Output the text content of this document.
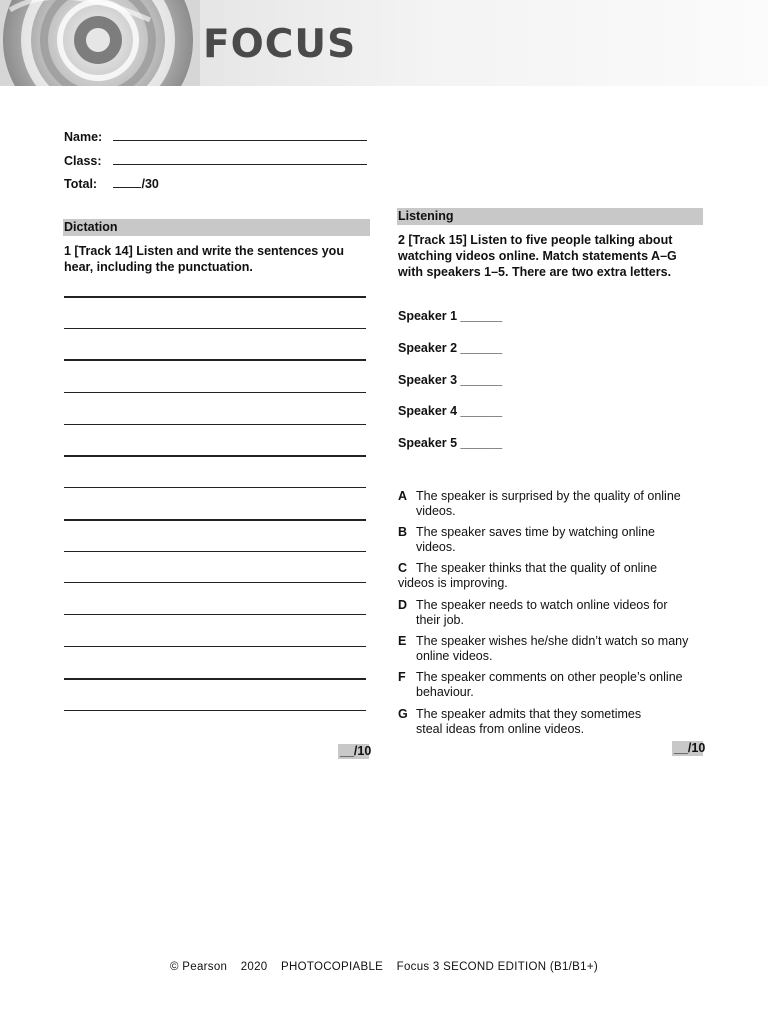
FOCUS
Name:
Class:
Total:	/30
Dictation
1 [Track 14] Listen and write the sentences you hear, including the punctuation.
__/10
Listening
2 [Track 15] Listen to five people talking about watching videos online. Match statements A–G with speakers 1–5. There are two extra letters.
Speaker 1 ______
Speaker 2 ______
Speaker 3 ______
Speaker 4 ______
Speaker 5 ______
A The speaker is surprised by the quality of online
videos.
B The speaker saves time by watching online
videos.
C The speaker thinks that the quality of online
videos is improving.
D The speaker needs to watch online videos for
their job.
E The speaker wishes he/she didn’t watch so many
online videos.
F The speaker comments on other people’s online
behaviour.
G The speaker admits that they sometimes
steal ideas from online videos.
__/10
© Pearson 2020 PHOTOCOPIABLE Focus 3 SECOND EDITION (B1/B1+)
